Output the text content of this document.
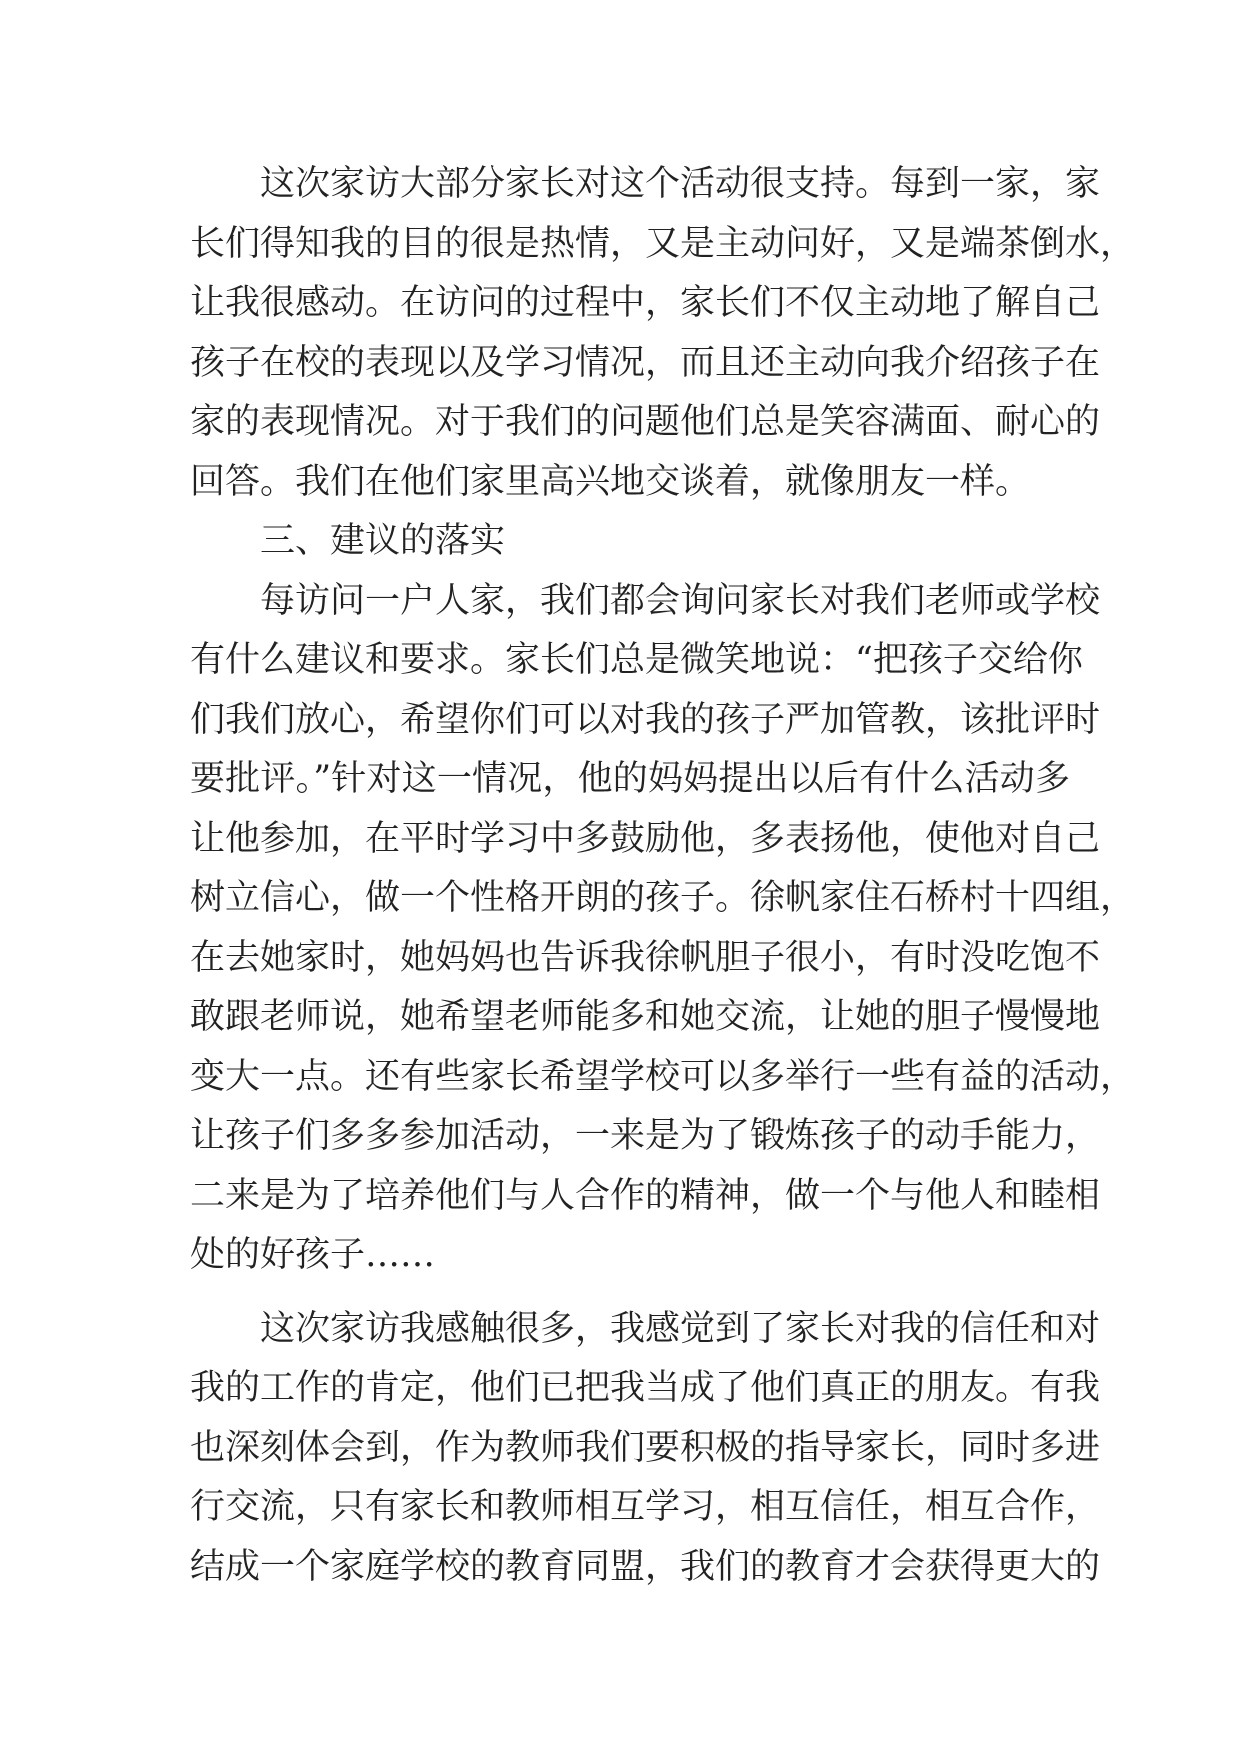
这次家访大部分家长对这个活动很支持。每到一家，家
长们得知我的目的很是热情，又是主动问好，又是端茶倒水，
让我很感动。在访问的过程中，家长们不仅主动地了解自己
孩子在校的表现以及学习情况，而且还主动向我介绍孩子在
家的表现情况。对于我们的问题他们总是笑容满面、耐心的
回答。我们在他们家里高兴地交谈着，就像朋友一样。
三、建议的落实
每访问一户人家，我们都会询问家长对我们老师或学校
有什么建议和要求。家长们总是微笑地说：“把孩子交给你
们我们放心，希望你们可以对我的孩子严加管教，该批评时
要批评。”针对这一情况，他的妈妈提出以后有什么活动多
让他参加，在平时学习中多鼓励他，多表扬他，使他对自己
树立信心，做一个性格开朗的孩子。徐帆家住石桥村十四组，
在去她家时，她妈妈也告诉我徐帆胆子很小，有时没吃饱不
敢跟老师说，她希望老师能多和她交流，让她的胆子慢慢地
变大一点。还有些家长希望学校可以多举行一些有益的活动，
让孩子们多多参加活动，一来是为了锻炼孩子的动手能力，
二来是为了培养他们与人合作的精神，做一个与他人和睦相
处的好孩子……
这次家访我感触很多，我感觉到了家长对我的信任和对
我的工作的肯定，他们已把我当成了他们真正的朋友。有我
也深刻体会到，作为教师我们要积极的指导家长，同时多进
行交流，只有家长和教师相互学习，相互信任，相互合作，
结成一个家庭学校的教育同盟，我们的教育才会获得更大的
